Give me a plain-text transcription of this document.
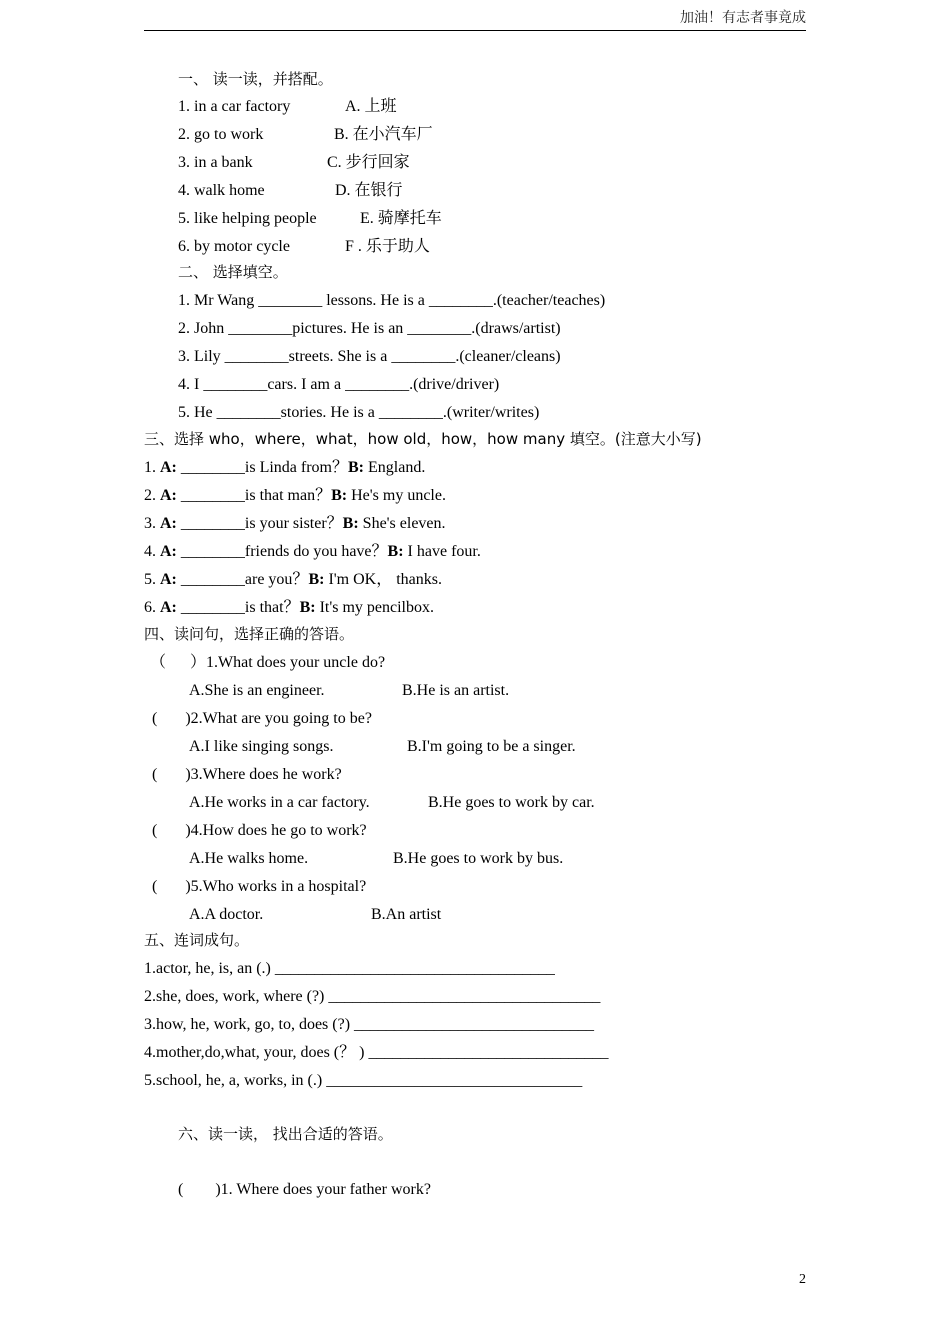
加油！有志者事竟成
一、 读一读，并搭配。
1. in a car factory	A. 上班
2. go to work	B. 在小汽车厂
3. in a bank	C. 步行回家
4. walk home	D. 在银行
5. like helping people	E. 骑摩托车
6. by motor cycle	F . 乐于助人
二、 选择填空。
1. Mr Wang ________ lessons. He is a ________.(teacher/teaches)
2. John ________pictures. He is an ________.(draws/artist)
3. Lily ________streets. She is a ________.(cleaner/cleans)
4. I ________cars. I am a ________.(drive/driver)
5. He ________stories. He is a ________.(writer/writes)
三、选择 who，where，what，how old，how，how many 填空。(注意大小写)
1. A: ________is Linda from？B: England.
2. A: ________is that man？B: He's my uncle.
3. A: ________is your sister？B: She's eleven.
4. A: ________friends do you have？B: I have four.
5. A: ________are you？B: I'm OK， thanks.
6. A: ________is that？B: It's my pencilbox.
四、读问句，选择正确的答语。
（      ）1.What does your uncle do?
A.She is an engineer.	B.He is an artist.
(       )2.What are you going to be?
A.I like singing songs.	B.I'm going to be a singer.
(       )3.Where does he work?
A.He works in a car factory.	B.He goes to work by car.
(       )4.How does he go to work?
A.He walks home.	B.He goes to work by bus.
(       )5.Who works in a hospital?
A.A doctor.	B.An artist
五、连词成句。
1.actor, he, is, an (.) ___________________________________
2.she, does, work, where (?) __________________________________
3.how, he, work, go, to, does (?) ______________________________
4.mother,do,what, your, does (？ ) ______________________________
5.school, he, a, works, in (.) ________________________________
六、读一读， 找出合适的答语。
(        )1. Where does your father work?
2
